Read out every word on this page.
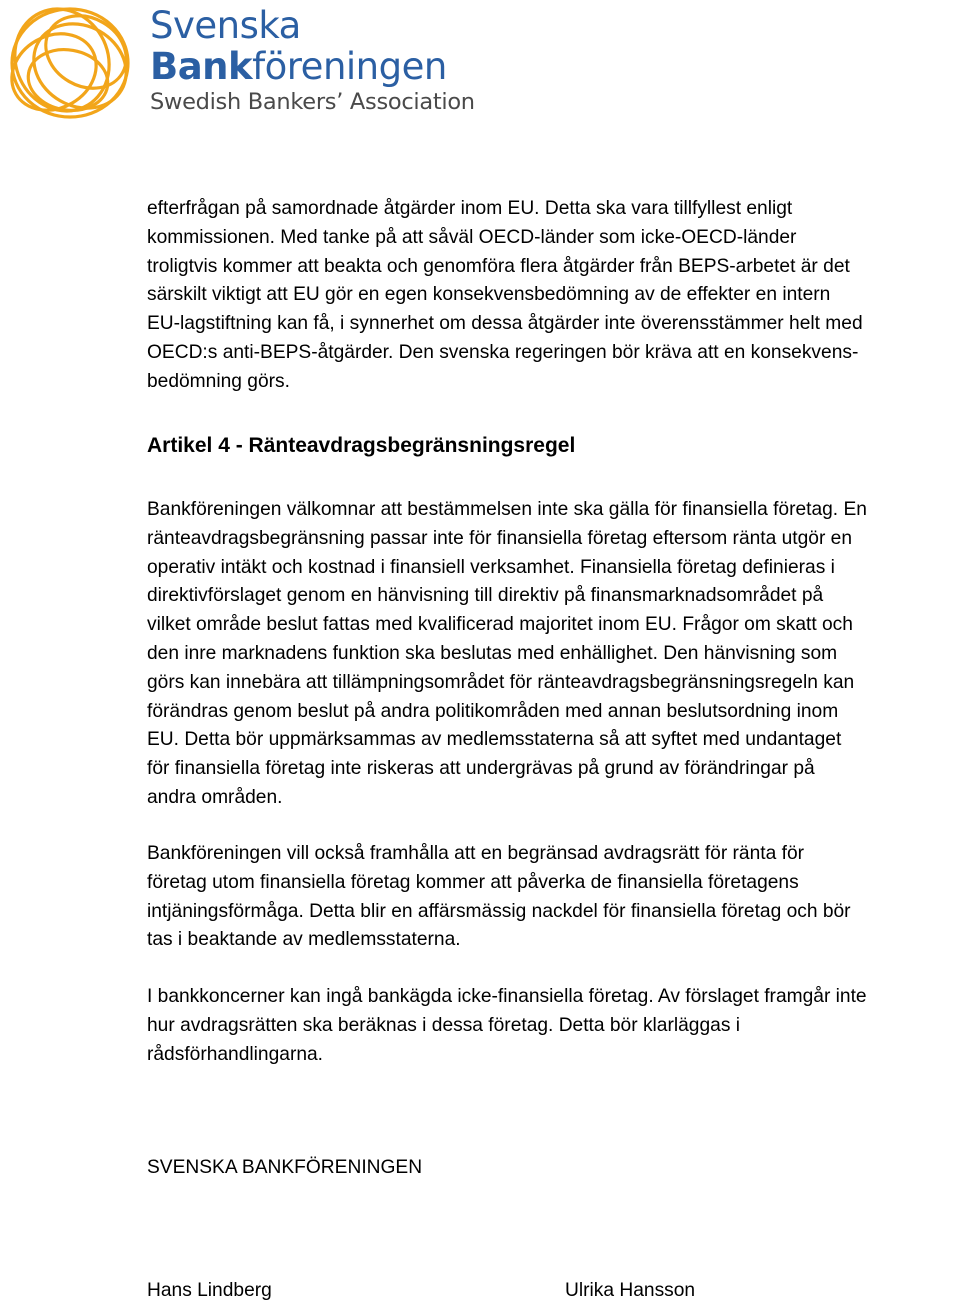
Svenska
Bankföreningen
Swedish Bankers’ Association

efterfrågan på samordnade åtgärder inom EU. Detta ska vara tillfyllest enligt
kommissionen. Med tanke på att såväl OECD-länder som icke-OECD-länder
troligtvis kommer att beakta och genomföra flera åtgärder från BEPS-arbetet är det
särskilt viktigt att EU gör en egen konsekvensbedömning av de effekter en intern
EU-lagstiftning kan få, i synnerhet om dessa åtgärder inte överensstämmer helt med
OECD:s anti-BEPS-åtgärder. Den svenska regeringen bör kräva att en konsekvens-
bedömning görs.

Artikel 4 - Ränteavdragsbegränsningsregel
Bankföreningen välkomnar att bestämmelsen inte ska gälla för finansiella företag. En
ränteavdragsbegränsning passar inte för finansiella företag eftersom ränta utgör en
operativ intäkt och kostnad i finansiell verksamhet. Finansiella företag definieras i
direktivförslaget genom en hänvisning till direktiv på finansmarknadsområdet på
vilket område beslut fattas med kvalificerad majoritet inom EU. Frågor om skatt och
den inre marknadens funktion ska beslutas med enhällighet. Den hänvisning som
görs kan innebära att tillämpningsområdet för ränteavdragsbegränsningsregeln kan
förändras genom beslut på andra politikområden med annan beslutsordning inom
EU. Detta bör uppmärksammas av medlemsstaterna så att syftet med undantaget
för finansiella företag inte riskeras att undergrävas på grund av förändringar på
andra områden.
Bankföreningen vill också framhålla att en begränsad avdragsrätt för ränta för
företag utom finansiella företag kommer att påverka de finansiella företagens
intjäningsförmåga. Detta blir en affärsmässig nackdel för finansiella företag och bör
tas i beaktande av medlemsstaterna.
I bankkoncerner kan ingå bankägda icke-finansiella företag. Av förslaget framgår inte
hur avdragsrätten ska beräknas i dessa företag. Detta bör klarläggas i
rådsförhandlingarna.
SVENSKA BANKFÖRENINGEN
Hans Lindberg	Ulrika Hansson
